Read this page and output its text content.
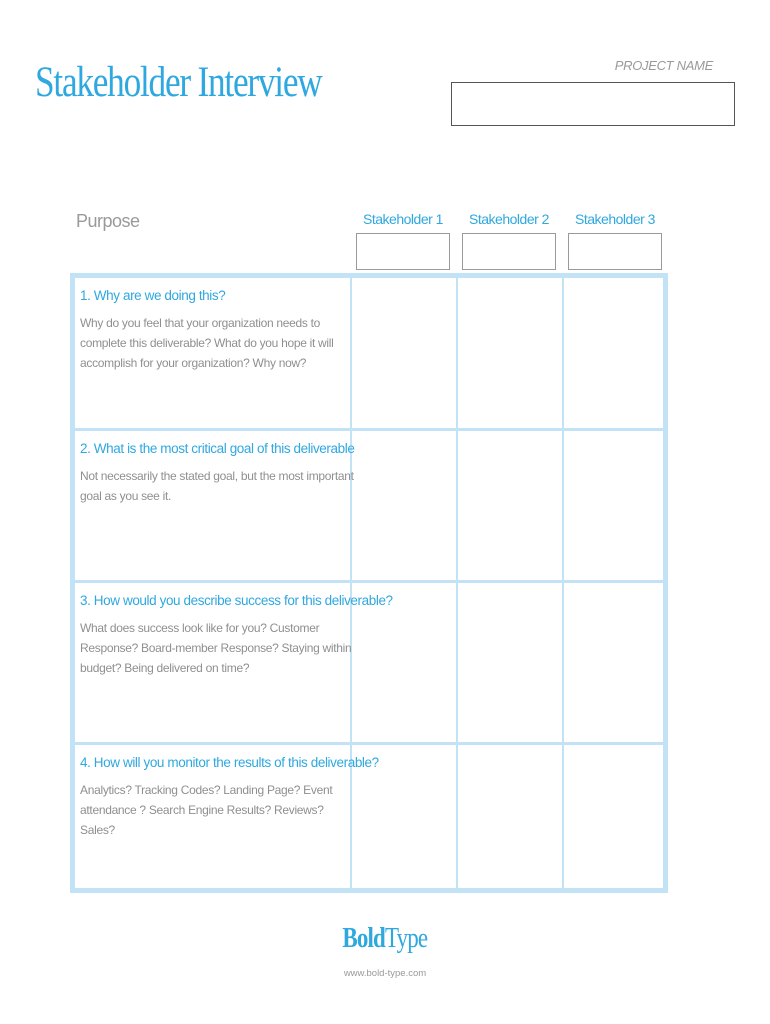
Stakeholder Interview	PROJECT NAME
Purpose	Stakeholder 1	Stakeholder 2	Stakeholder 3
1. Why are we doing this?
Why do you feel that your organization needs to complete this deliverable? What do you hope it will accomplish for your organization? Why now?
2. What is the most critical goal of this deliverable
Not necessarily the stated goal, but the most important goal as you see it.
3. How would you describe success for this deliverable?
What does success look like for you? Customer Response? Board-member Response? Staying within budget? Being delivered on time?
4. How will you monitor the results of this deliverable?
Analytics? Tracking Codes? Landing Page? Event attendance ? Search Engine Results? Reviews? Sales?
BoldType
www.bold-type.com
